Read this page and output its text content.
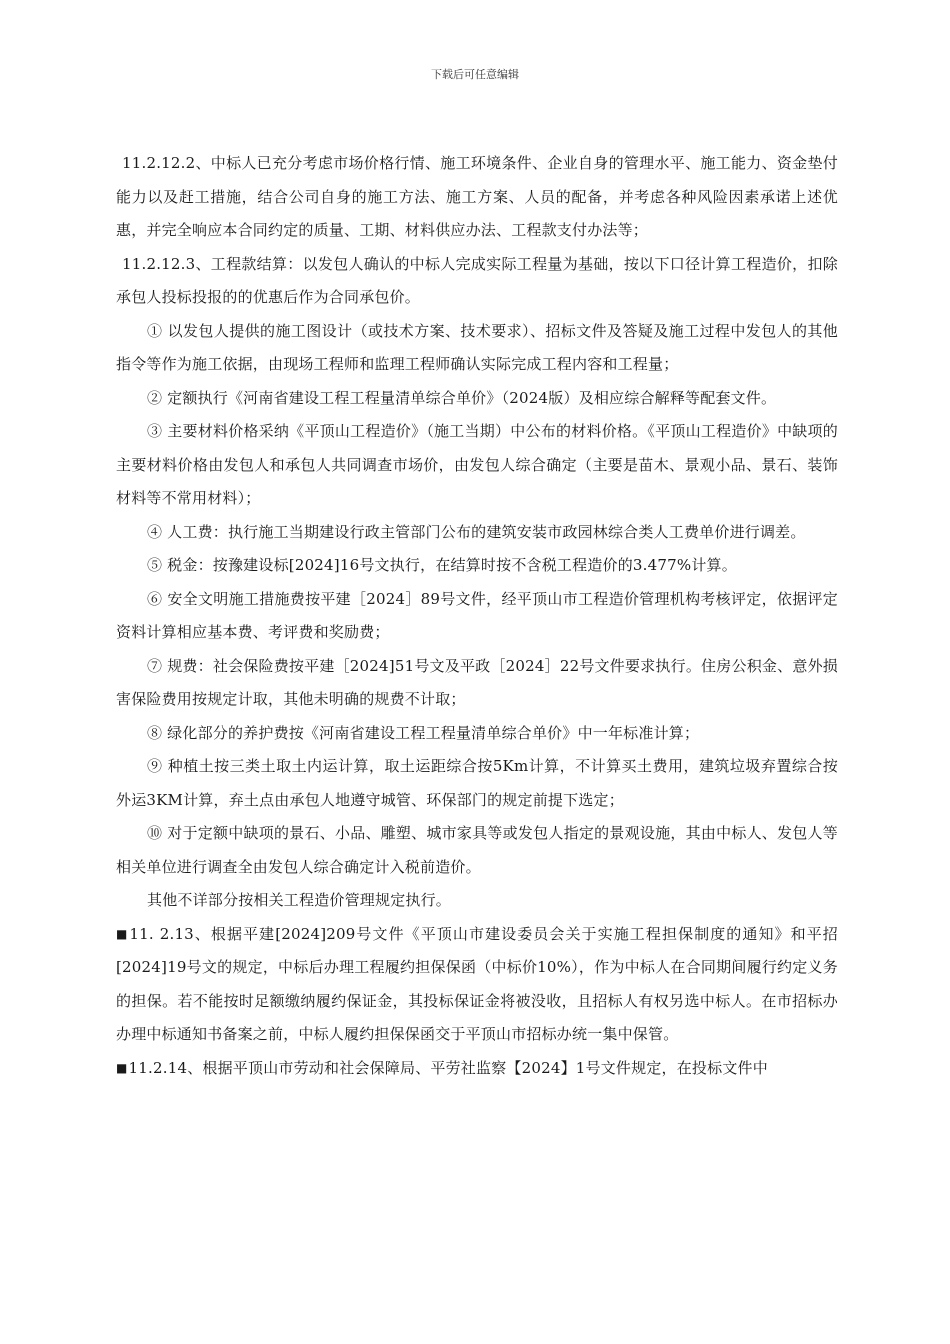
下载后可任意编辑

11.2.12.2、中标人已充分考虑市场价格行情、施工环境条件、企业自身的管理水平、施工能力、资金垫付能力以及赶工措施，结合公司自身的施工方法、施工方案、人员的配备，并考虑各种风险因素承诺上述优惠，并完全响应本合同约定的质量、工期、材料供应办法、工程款支付办法等；

11.2.12.3、工程款结算：以发包人确认的中标人完成实际工程量为基础，按以下口径计算工程造价，扣除承包人投标投报的的优惠后作为合同承包价。

① 以发包人提供的施工图设计（或技术方案、技术要求）、招标文件及答疑及施工过程中发包人的其他指令等作为施工依据，由现场工程师和监理工程师确认实际完成工程内容和工程量；

② 定额执行《河南省建设工程工程量清单综合单价》（2024版）及相应综合解释等配套文件。

③ 主要材料价格采纳《平顶山工程造价》（施工当期）中公布的材料价格。《平顶山工程造价》中缺项的主要材料价格由发包人和承包人共同调查市场价，由发包人综合确定（主要是苗木、景观小品、景石、装饰材料等不常用材料）；

④ 人工费：执行施工当期建设行政主管部门公布的建筑安装市政园林综合类人工费单价进行调差。

⑤ 税金：按豫建设标[2024]16号文执行，在结算时按不含税工程造价的3.477%计算。

⑥ 安全文明施工措施费按平建［2024］89号文件，经平顶山市工程造价管理机构考核评定，依据评定资料计算相应基本费、考评费和奖励费；

⑦ 规费：社会保险费按平建［2024]51号文及平政［2024］22号文件要求执行。住房公积金、意外损害保险费用按规定计取，其他未明确的规费不计取；

⑧ 绿化部分的养护费按《河南省建设工程工程量清单综合单价》中一年标准计算；

⑨ 种植土按三类土取土内运计算，取土运距综合按5Km计算，不计算买土费用，建筑垃圾弃置综合按外运3KM计算，弃土点由承包人地遵守城管、环保部门的规定前提下选定；

⑩ 对于定额中缺项的景石、小品、雕塑、城市家具等或发包人指定的景观设施，其由中标人、发包人等相关单位进行调查全由发包人综合确定计入税前造价。

其他不详部分按相关工程造价管理规定执行。

■11. 2.13、根据平建[2024]209号文件《平顶山市建设委员会关于实施工程担保制度的通知》和平招[2024]19号文的规定，中标后办理工程履约担保保函（中标价10%），作为中标人在合同期间履行约定义务的担保。若不能按时足额缴纳履约保证金，其投标保证金将被没收，且招标人有权另选中标人。在市招标办办理中标通知书备案之前，中标人履约担保保函交于平顶山市招标办统一集中保管。

■11.2.14、根据平顶山市劳动和社会保障局、平劳社监察【2024】1号文件规定，在投标文件中
